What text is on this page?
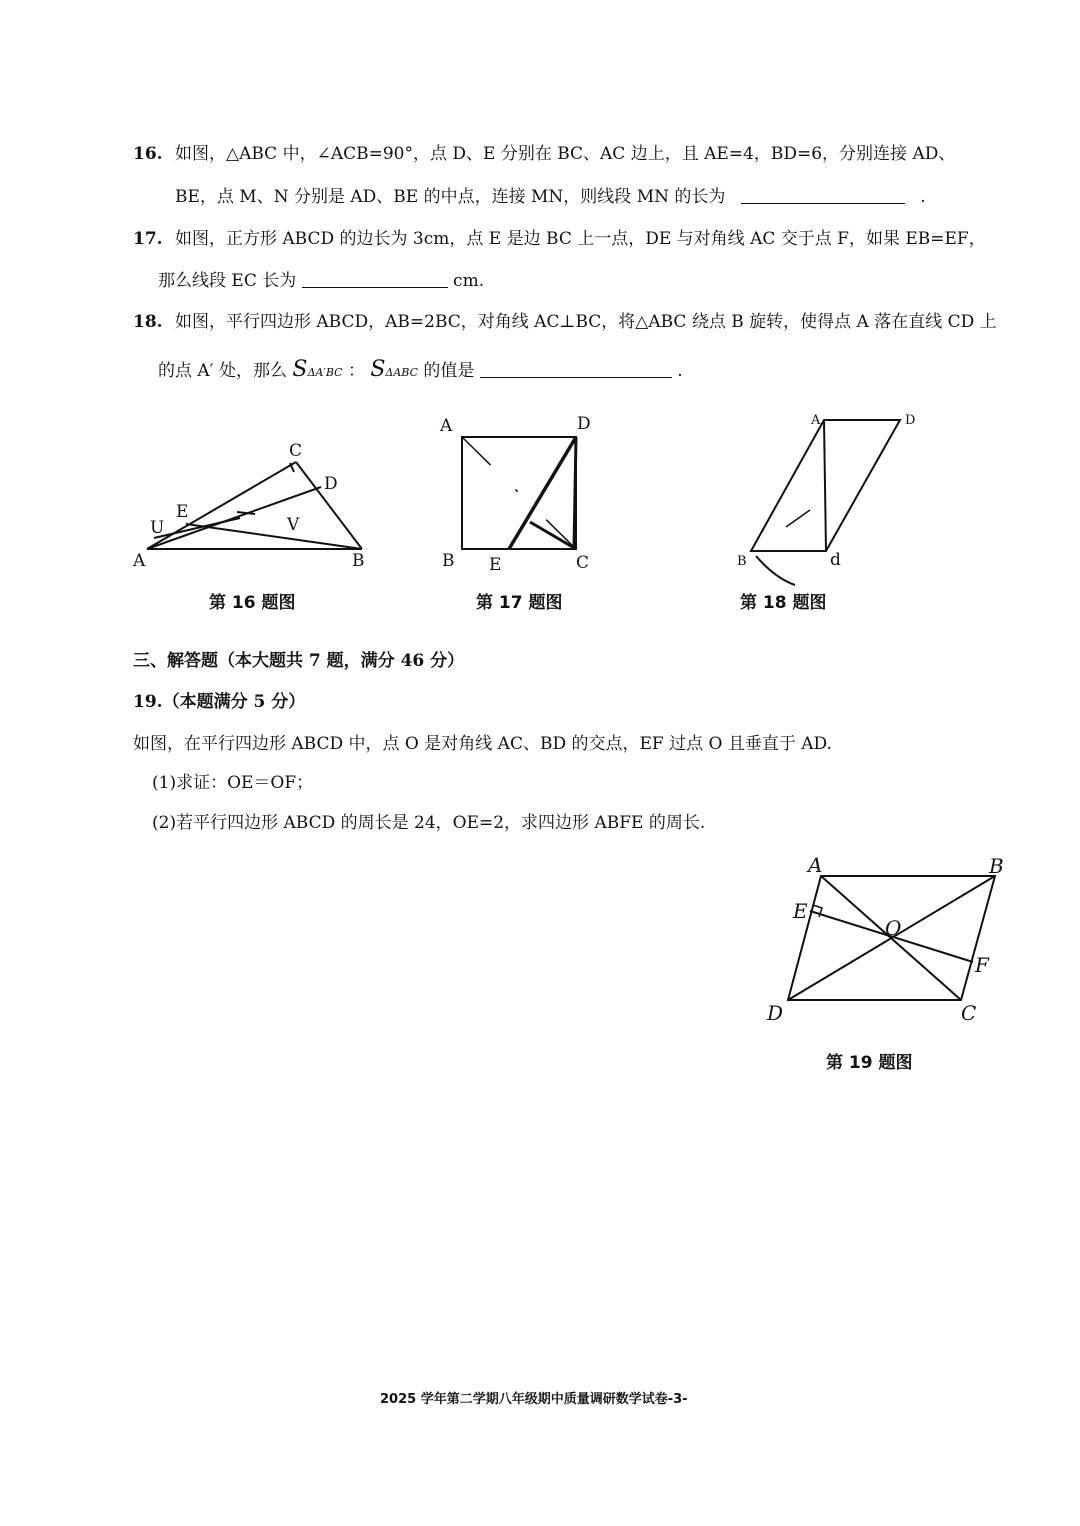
16. 如图，△ABC 中，∠ACB=90°，点 D、E 分别在 BC、AC 边上，且 AE=4，BD=6，分别连接 AD、
BE，点 M、N 分别是 AD、BE 的中点，连接 MN，则线段 MN 的长为	.
17. 如图，正方形 ABCD 的边长为 3cm，点 E 是边 BC 上一点，DE 与对角线 AC 交于点 F，如果 EB=EF，
那么线段 EC 长为	cm.
18. 如图，平行四边形 ABCD，AB=2BC，对角线 AC⊥BC，将△ABC 绕点 B 旋转，使得点 A 落在直线 CD 上
的点 A′ 处，那么 SΔA′BC ： SΔABC 的值是	.
A	B
C
D
E
U	V
第 16 题图
A
B	C
D
E
第 17 题图
A
B	d
D
第 18 题图
三、解答题（本大题共 7 题，满分 46 分）
19.（本题满分 5 分）
如图，在平行四边形 ABCD 中，点 O 是对角线 AC、BD 的交点，EF 过点 O 且垂直于 AD.
(1)求证：OE＝OF；
(2)若平行四边形 ABCD 的周长是 24，OE=2，求四边形 ABFE 的周长.
A	B
C
D
E
F
O
第 19 题图
2025 学年第二学期八年级期中质量调研数学试卷-3-
